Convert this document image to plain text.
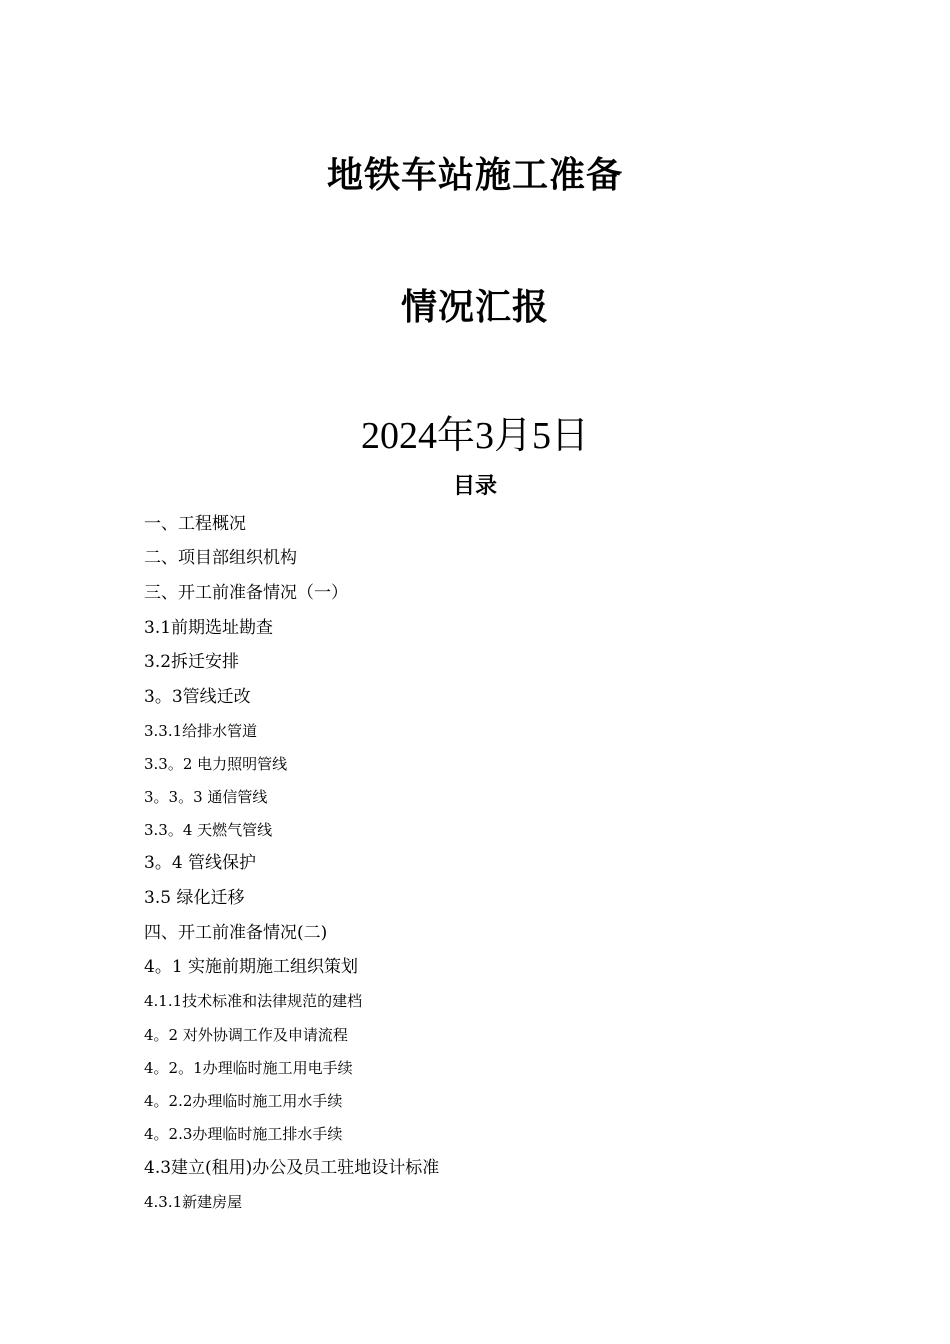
地铁车站施工准备
情况汇报
2024年3月5日
目录
一、工程概况
二、项目部组织机构
三、开工前准备情况（一）
3.1前期选址勘查
3.2拆迁安排
3。3管线迁改
3.3.1给排水管道
3.3。2 电力照明管线
3。3。3 通信管线
3.3。4 天燃气管线
3。4 管线保护
3.5 绿化迁移
四、开工前准备情况(二)
4。1 实施前期施工组织策划
4.1.1技术标准和法律规范的建档
4。2 对外协调工作及申请流程
4。2。1办理临时施工用电手续
4。2.2办理临时施工用水手续
4。2.3办理临时施工排水手续
4.3建立(租用)办公及员工驻地设计标准
4.3.1新建房屋
